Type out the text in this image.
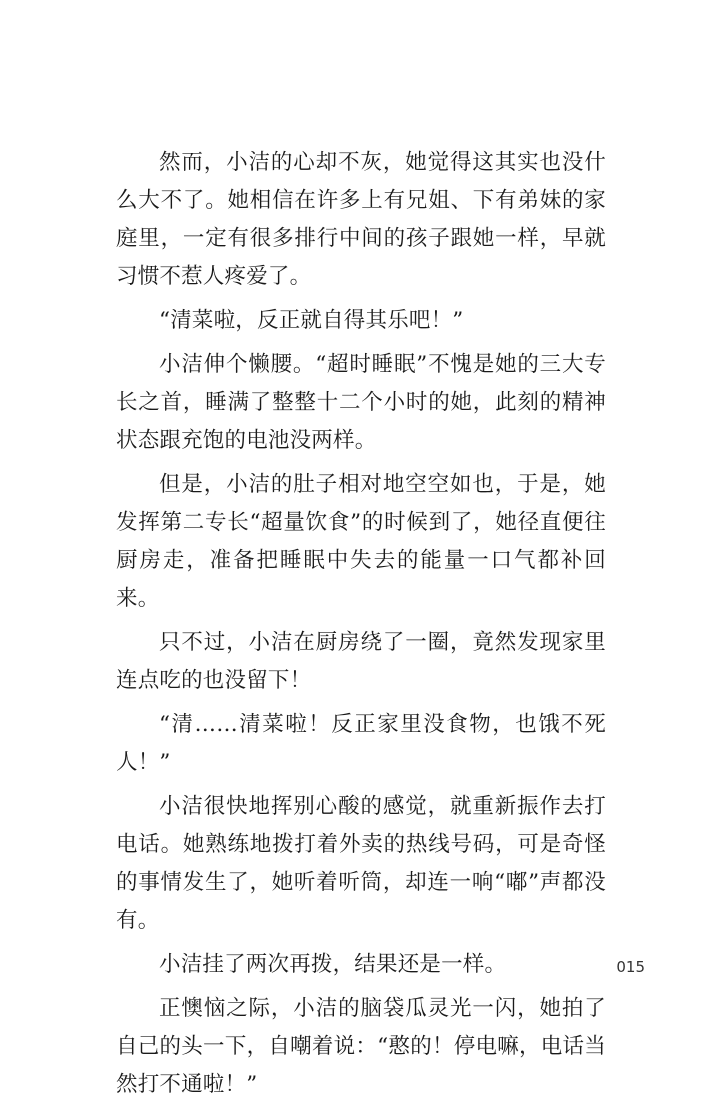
然而，小洁的心却不灰，她觉得这其实也没什么大不了。她相信在许多上有兄姐、下有弟妹的家庭里，一定有很多排行中间的孩子跟她一样，早就习惯不惹人疼爱了。

“清菜啦，反正就自得其乐吧！”

小洁伸个懒腰。“超时睡眠”不愧是她的三大专长之首，睡满了整整十二个小时的她，此刻的精神状态跟充饱的电池没两样。

但是，小洁的肚子相对地空空如也，于是，她发挥第二专长“超量饮食”的时候到了，她径直便往厨房走，准备把睡眠中失去的能量一口气都补回来。

只不过，小洁在厨房绕了一圈，竟然发现家里连点吃的也没留下！

“清……清菜啦！反正家里没食物，也饿不死人！”

小洁很快地挥别心酸的感觉，就重新振作去打电话。她熟练地拨打着外卖的热线号码，可是奇怪的事情发生了，她听着听筒，却连一响“嘟”声都没有。

小洁挂了两次再拨，结果还是一样。

正懊恼之际，小洁的脑袋瓜灵光一闪，她拍了自己的头一下，自嘲着说：“憨的！停电嘛，电话当然打不通啦！”

015
